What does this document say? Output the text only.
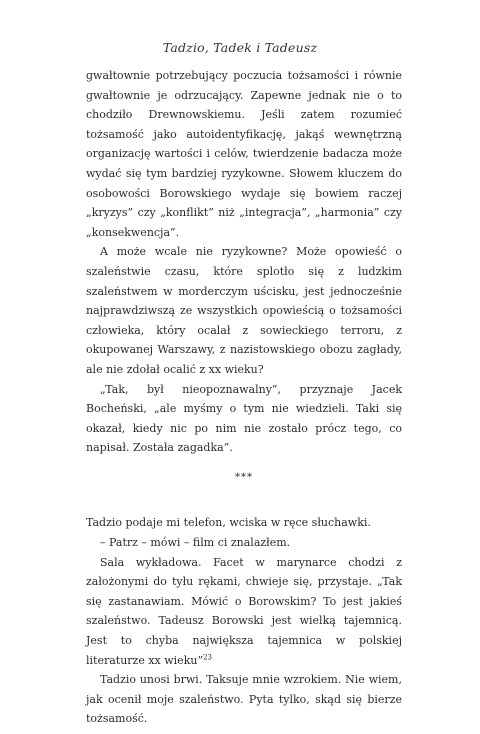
Tadzio, Tadek i Tadeusz

gwałtownie potrzebujący poczucia tożsamości i równie gwałtownie je odrzucający. Zapewne jednak nie o to chodziło Drewnowskiemu. Jeśli zatem rozumieć tożsamość jako autoidentyfikację, jakąś wewnętrzną organizację wartości i celów, twierdzenie badacza może wydać się tym bardziej ryzykowne. Słowem kluczem do osobowości Borowskiego wydaje się bowiem raczej „kryzys” czy „konflikt” niż „integracja”, „harmonia” czy „konsekwencja”.

A może wcale nie ryzykowne? Może opowieść o szaleństwie czasu, które splotło się z ludzkim szaleństwem w morderczym uścisku, jest jednocześnie najprawdziwszą ze wszystkich opowieścią o tożsamości człowieka, który ocalał z sowieckiego terroru, z okupowanej Warszawy, z nazistowskiego obozu zagłady, ale nie zdołał ocalić z xx wieku?

„Tak, był nieopoznawalny”, przyznaje Jacek Bocheński, „ale myśmy o tym nie wiedzieli. Taki się okazał, kiedy nic po nim nie zostało prócz tego, co napisał. Została zagadka”.

***

Tadzio podaje mi telefon, wciska w ręce słuchawki.

– Patrz – mówi – film ci znalazłem.

Sala wykładowa. Facet w marynarce chodzi z założonymi do tyłu rękami, chwieje się, przystaje. „Tak się zastanawiam. Mówić o Borowskim? To jest jakieś szaleństwo. Tadeusz Borowski jest wielką tajemnicą. Jest to chyba największa tajemnica w polskiej literaturze xx wieku”$^{23}$

Tadzio unosi brwi. Taksuje mnie wzrokiem. Nie wiem, jak ocenił moje szaleństwo. Pyta tylko, skąd się bierze tożsamość.
